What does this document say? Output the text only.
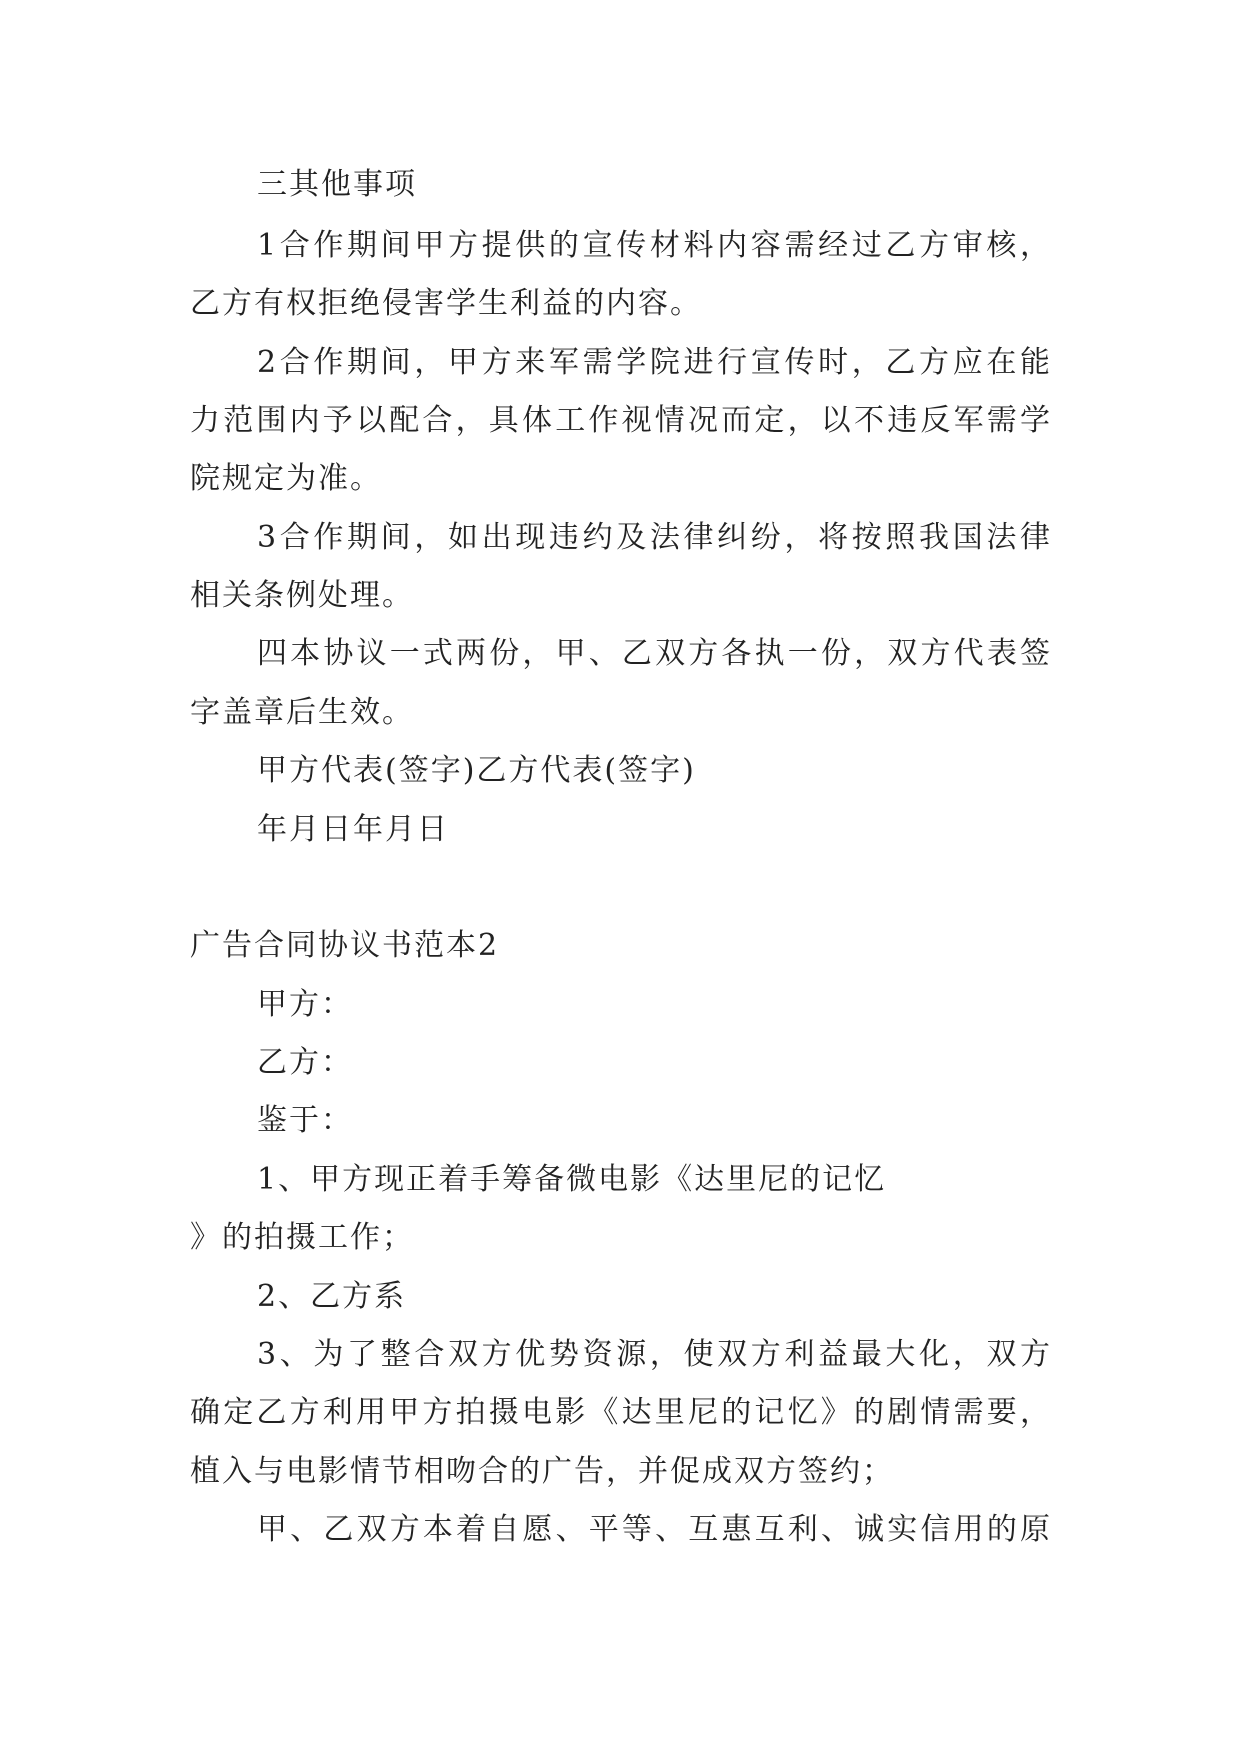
三其他事项
1合作期间甲方提供的宣传材料内容需经过乙方审核，
乙方有权拒绝侵害学生利益的内容。
2合作期间，甲方来军需学院进行宣传时，乙方应在能
力范围内予以配合，具体工作视情况而定，以不违反军需学
院规定为准。
3合作期间，如出现违约及法律纠纷，将按照我国法律
相关条例处理。
四本协议一式两份，甲、乙双方各执一份，双方代表签
字盖章后生效。
甲方代表(签字)乙方代表(签字)
年月日年月日
广告合同协议书范本2
甲方：
乙方：
鉴于：
1、甲方现正着手筹备微电影《达里尼的记忆
》的拍摄工作；
2、乙方系
3、为了整合双方优势资源，使双方利益最大化，双方
确定乙方利用甲方拍摄电影《达里尼的记忆》的剧情需要，
植入与电影情节相吻合的广告，并促成双方签约；
甲、乙双方本着自愿、平等、互惠互利、诚实信用的原
